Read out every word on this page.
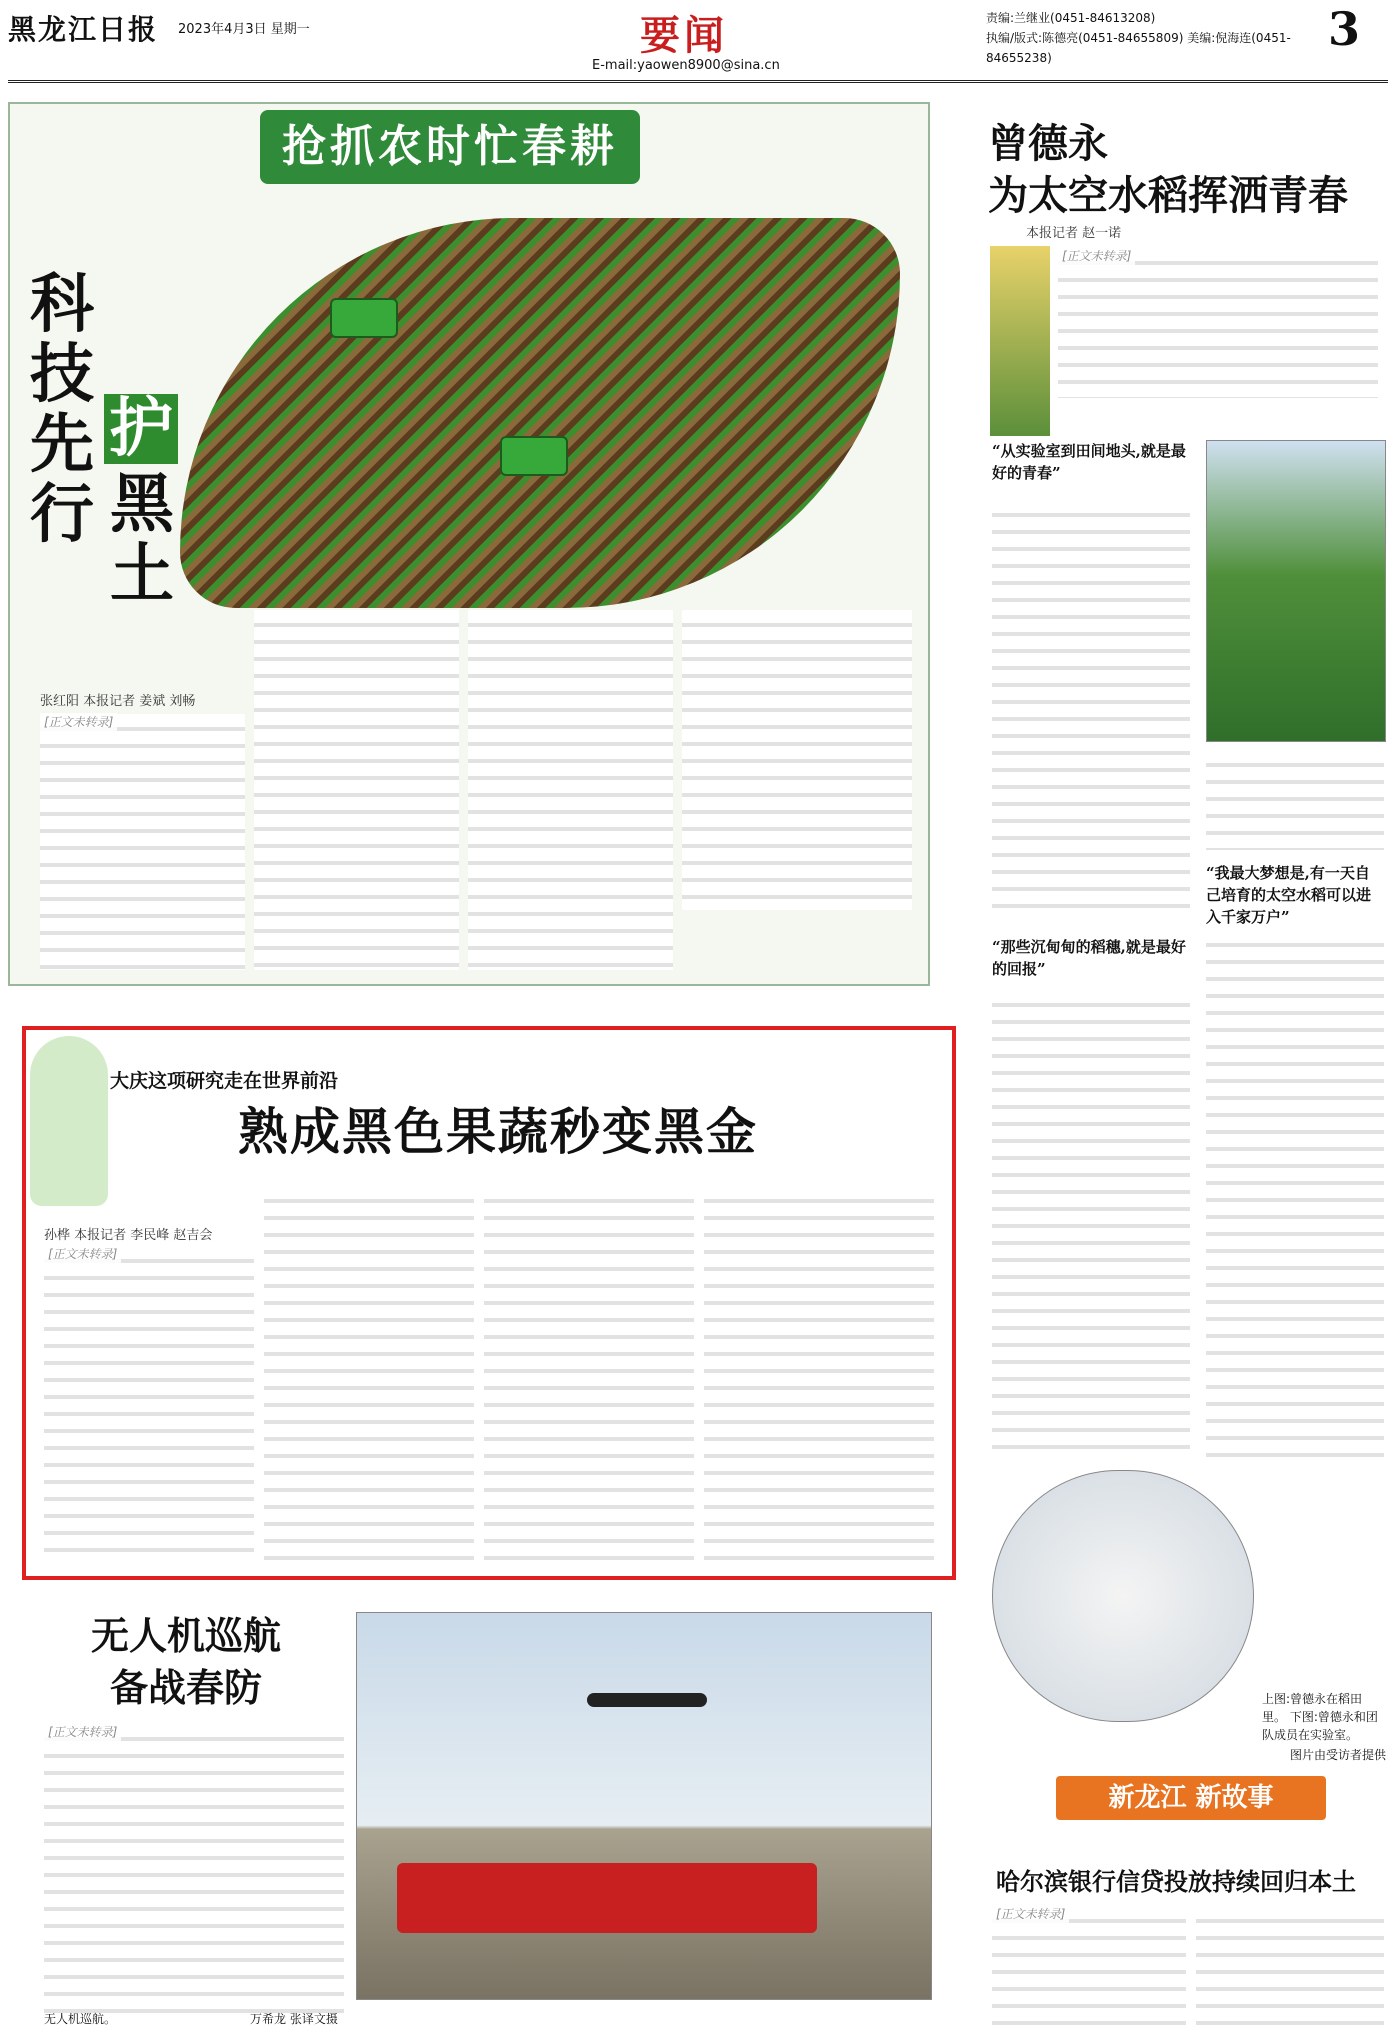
黑龙江日报 2023年4月3日 星期一	要闻
E-mail:yaowen8900@sina.cn
责编:兰继业(0451-84613208)
执编/版式:陈德亮(0451-84655809) 美编:倪海连(0451-84655238)
3
抢抓农时忙春耕
科
技
先
行
护
黑
土
张红阳 本报记者 姜斌 刘畅
[正文未转录]
曾德永
为太空水稻挥洒青春
本报记者 赵一诺
[正文未转录]
“从实验室到田间地头,就是最好的青春”
“我最大梦想是,有一天自己培育的太空水稻可以进入千家万户”
“那些沉甸甸的稻穗,就是最好的回报”
上图:曾德永在稻田里。 下图:曾德永和团队成员在实验室。
图片由受访者提供
大庆这项研究走在世界前沿
熟成黑色果蔬秒变黑金
孙桦 本报记者 李民峰 赵吉会
[正文未转录]
无人机巡航
备战春防
[正文未转录]
无人机巡航。	万希龙 张译文摄
新龙江 新故事
哈尔滨银行信贷投放持续回归本土
[正文未转录]
